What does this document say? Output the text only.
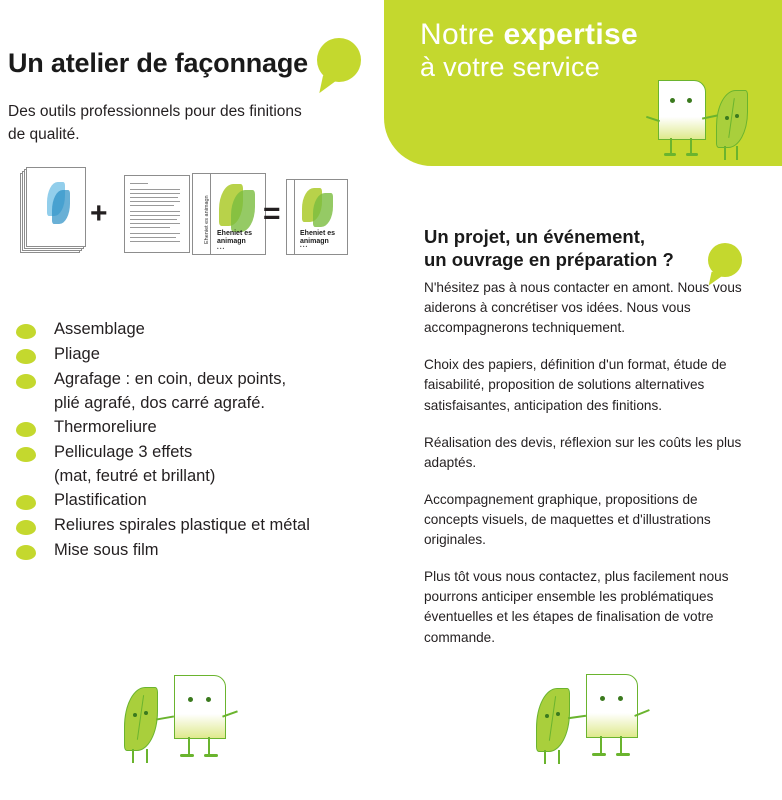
Notre expertise
à votre service
Un atelier de façonnage
Des outils professionnels pour des finitions de qualité.
+	Eheniet es animagn Eheniet es animagn
• • •
=
Eheniet es animagn
• • •
Assemblage
Pliage
Agrafage : en coin, deux points,
plié agrafé, dos carré agrafé.
Thermoreliure
Pelliculage 3 effets
(mat, feutré et brillant)
Plastification
Reliures spirales plastique et métal
Mise sous film
Un projet, un événement,
un ouvrage en préparation ?

N'hésitez pas à nous contacter en amont. Nous vous aiderons à concrétiser vos idées. Nous vous accompagnerons techniquement.

Choix des papiers, définition d'un format, étude de faisabilité, proposition de solutions alternatives satisfaisantes, anticipation des finitions.

Réalisation des devis, réflexion sur les coûts les plus adaptés.

Accompagnement graphique, propositions de concepts visuels, de maquettes et d'illustrations originales.

Plus tôt vous nous contactez, plus facilement nous pourrons anticiper ensemble les problématiques éventuelles et les étapes de finalisation de votre commande.
